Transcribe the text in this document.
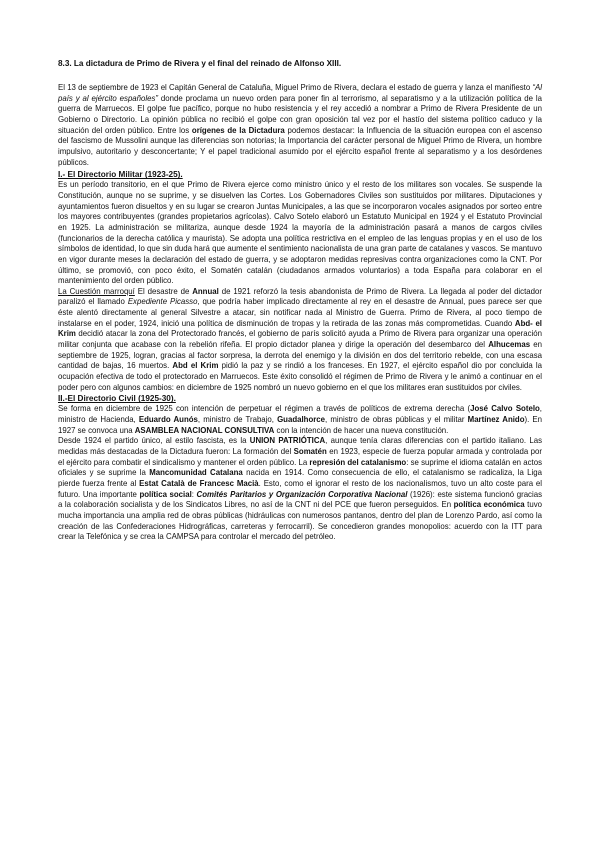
8.3. La dictadura de Primo de Rivera y el final del reinado de Alfonso XIII.

El 13 de septiembre de 1923 el Capitán General de Cataluña, Miguel Primo de Rivera, declara el estado de guerra y lanza el manifiesto “Al país y al ejército españoles” donde proclama un nuevo orden para poner fin al terrorismo, al separatismo y a la utilización política de la guerra de Marruecos. El golpe fue pacífico, porque no hubo resistencia y el rey accedió a nombrar a Primo de Rivera Presidente de un Gobierno o Directorio. La opinión pública no recibió el golpe con gran oposición tal vez por el hastío del sistema político caduco y la situación del orden público. Entre los orígenes de la Dictadura podemos destacar: la Influencia de la situación europea con el ascenso del fascismo de Mussolini aunque las diferencias son notorias; la Importancia del carácter personal de Miguel Primo de Rivera, un hombre impulsivo, autoritario y desconcertante; Y el papel tradicional asumido por el ejército español frente al separatismo y a los desórdenes públicos.

I.- El Directorio Militar (1923-25).

Es un período transitorio, en el que Primo de Rivera ejerce como ministro único y el resto de los militares son vocales. Se suspende la Constitución, aunque no se suprime, y se disuelven las Cortes. Los Gobernadores Civiles son sustituidos por militares. Diputaciones y ayuntamientos fueron disueltos y en su lugar se crearon Juntas Municipales, a las que se incorporaron vocales asignados por sorteo entre los mayores contribuyentes (grandes propietarios agrícolas). Calvo Sotelo elaboró un Estatuto Municipal en 1924 y el Estatuto Provincial en 1925. La administración se militariza, aunque desde 1924 la mayoría de la administración pasará a manos de cargos civiles (funcionarios de la derecha católica y maurista). Se adopta una política restrictiva en el empleo de las lenguas propias y en el uso de los símbolos de identidad, lo que sin duda hará que aumente el sentimiento nacionalista de una gran parte de catalanes y vascos. Se mantuvo en vigor durante meses la declaración del estado de guerra, y se adoptaron medidas represivas contra organizaciones como la CNT. Por último, se promovió, con poco éxito, el Somatén catalán (ciudadanos armados voluntarios) a toda España para colaborar en el mantenimiento del orden público.

La Cuestión marroquí El desastre de Annual de 1921 reforzó la tesis abandonista de Primo de Rivera. La llegada al poder del dictador paralizó el llamado Expediente Picasso, que podría haber implicado directamente al rey en el desastre de Annual, pues parece ser que éste alentó directamente al general Silvestre a atacar, sin notificar nada al Ministro de Guerra. Primo de Rivera, al poco tiempo de instalarse en el poder, 1924, inició una política de disminución de tropas y la retirada de las zonas más comprometidas. Cuando Abd- el Krim decidió atacar la zona del Protectorado francés, el gobierno de parís solicitó ayuda a Primo de Rivera para organizar una operación militar conjunta que acabase con la rebelión rifeña. El propio dictador planea y dirige la operación del desembarco del Alhucemas en septiembre de 1925, logran, gracias al factor sorpresa, la derrota del enemigo y la división en dos del territorio rebelde, con una escasa cantidad de bajas, 16 muertos. Abd el Krim pidió la paz y se rindió a los franceses. En 1927, el ejército español dio por concluida la ocupación efectiva de todo el protectorado en Marruecos. Este éxito consolidó el régimen de Primo de Rivera y le animó a continuar en el poder pero con algunos cambios: en diciembre de 1925 nombró un nuevo gobierno en el que los militares eran sustituidos por civiles.

II.-El Directorio Civil (1925-30).

Se forma en diciembre de 1925 con intención de perpetuar el régimen a través de políticos de extrema derecha (José Calvo Sotelo, ministro de Hacienda, Eduardo Aunós, ministro de Trabajo, Guadalhorce, ministro de obras públicas y el militar Martínez Anido). En 1927 se convoca una ASAMBLEA NACIONAL CONSULTIVA con la intención de hacer una nueva constitución.

Desde 1924 el partido único, al estilo fascista, es la UNION PATRIÓTICA, aunque tenía claras diferencias con el partido italiano. Las medidas más destacadas de la Dictadura fueron: La formación del Somatén en 1923, especie de fuerza popular armada y controlada por el ejército para combatir el sindicalismo y mantener el orden público. La represión del catalanismo: se suprime el idioma catalán en actos oficiales y se suprime la Mancomunidad Catalana nacida en 1914. Como consecuencia de ello, el catalanismo se radicaliza, la Liga pierde fuerza frente al Estat Català de Francesc Macià. Esto, como el ignorar el resto de los nacionalismos, tuvo un alto coste para el futuro. Una importante política social: Comités Paritarios y Organización Corporativa Nacional (1926): este sistema funcionó gracias a la colaboración socialista y de los Sindicatos Libres, no así de la CNT ni del PCE que fueron perseguidos. En política económica tuvo mucha importancia una amplia red de obras públicas (hidráulicas con numerosos pantanos, dentro del plan de Lorenzo Pardo, así como la creación de las Confederaciones Hidrográficas, carreteras y ferrocarril). Se concedieron grandes monopolios: acuerdo con la ITT para crear la Telefónica y se crea la CAMPSA para controlar el mercado del petróleo.
